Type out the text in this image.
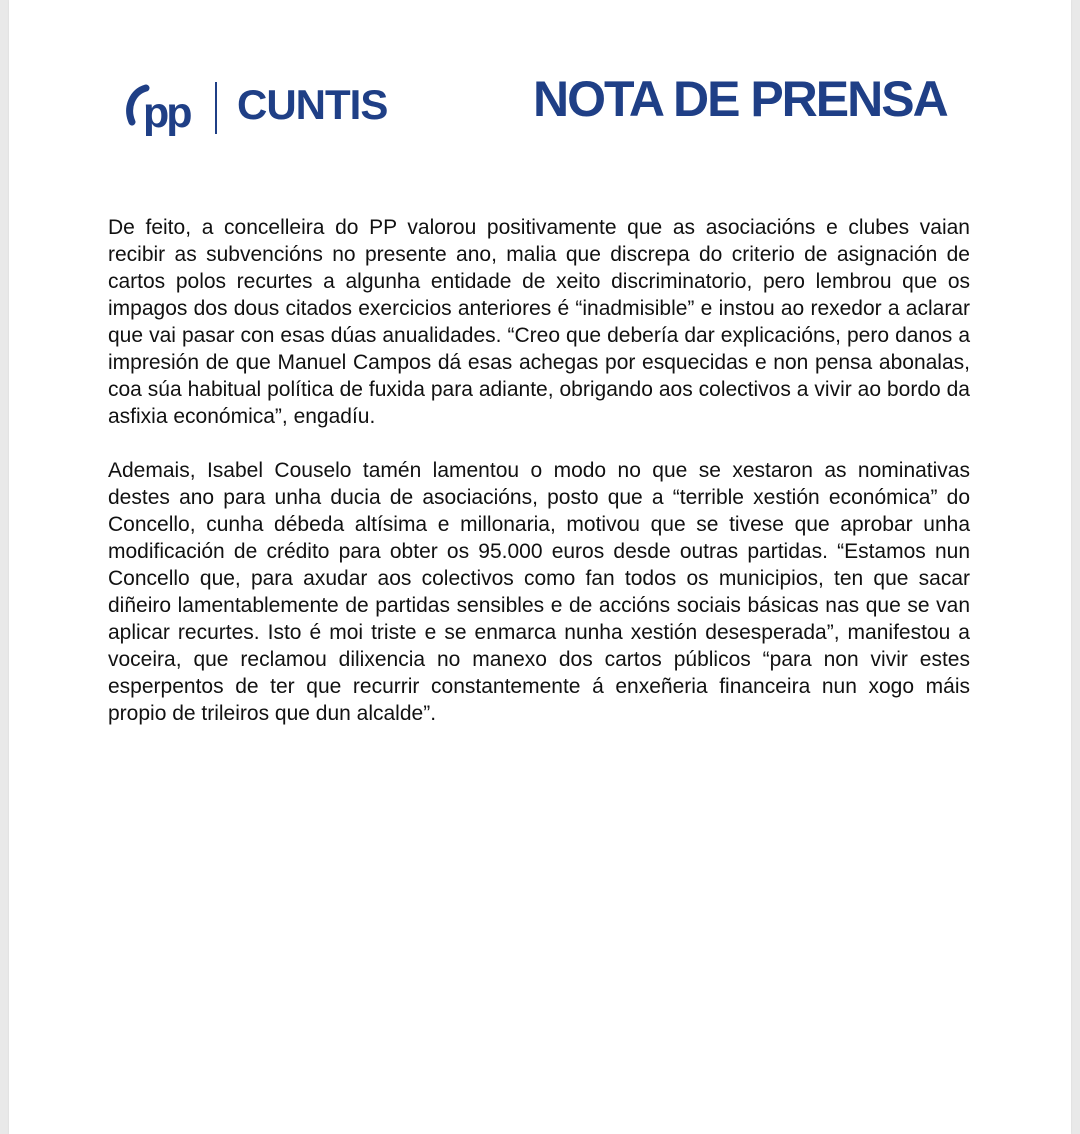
pp CUNTIS	NOTA DE PRENSA

De feito, a concelleira do PP valorou positivamente que as asociacións e clubes vaian recibir as subvencións no presente ano, malia que discrepa do criterio de asignación de cartos polos recurtes a algunha entidade de xeito discriminatorio, pero lembrou que os impagos dos dous citados exercicios anteriores é “inadmisible” e instou ao rexedor a aclarar que vai pasar con esas dúas anualidades. “Creo que debería dar explicacións, pero danos a impresión de que Manuel Campos dá esas achegas por esquecidas e non pensa abonalas, coa súa habitual política de fuxida para adiante, obrigando aos colectivos a vivir ao bordo da asfixia económica”, engadíu.

Ademais, Isabel Couselo tamén lamentou o modo no que se xestaron as nominativas destes ano para unha ducia de asociacións, posto que a “terrible xestión económica” do Concello, cunha débeda altísima e millonaria, motivou que se tivese que aprobar unha modificación de crédito para obter os 95.000 euros desde outras partidas. “Estamos nun Concello que, para axudar aos colectivos como fan todos os municipios, ten que sacar diñeiro lamentablemente de partidas sensibles e de accións sociais básicas nas que se van aplicar recurtes. Isto é moi triste e se enmarca nunha xestión desesperada”, manifestou a voceira, que reclamou dilixencia no manexo dos cartos públicos “para non vivir estes esperpentos de ter que recurrir constantemente á enxeñeria financeira nun xogo máis propio de trileiros que dun alcalde”.
